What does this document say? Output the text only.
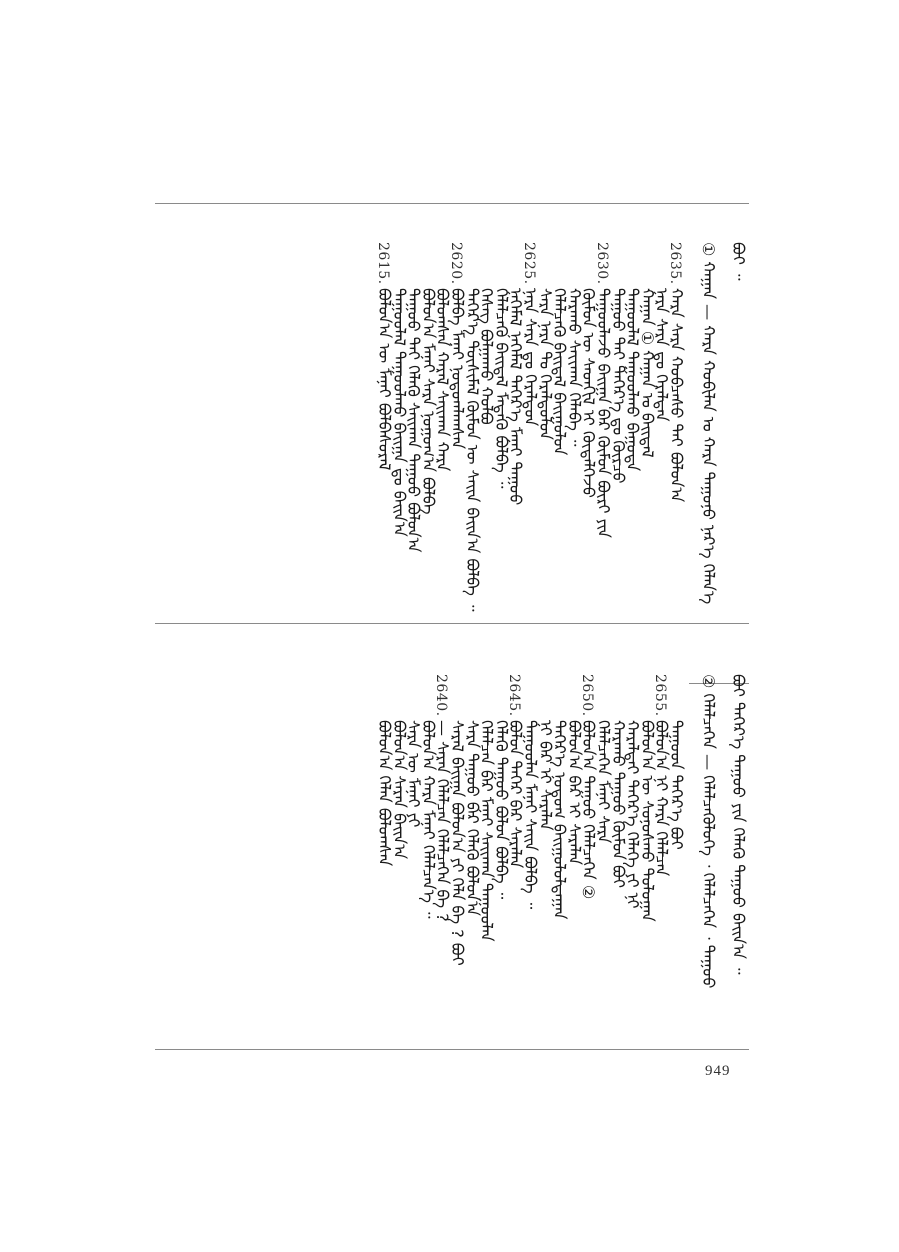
ᠪᠣᠢ ᠃
① ᠬᠠᠭᠠᠨ — ᠬᠠᠷᠠ ᠬᠣᠪᠢᠯᠠᠨ ᠤ ᠬᠠᠷᠠ ᠳᠠᠭᠤᠨᠤ ᠨᠡᠷ᠎ᠡ ᠬᠡᠯᠡᠨ᠎ᠡ
2635.ᠬᠠᠷᠠ ᠰᠠᠷᠠ ᠬᠤᠪᠴᠠᠰᠤ ᠲᠠᠢ ᠪᠣᠯᠤᠨ᠎ᠠ
ᠨᠠᠷᠠ ᠰᠠᠷᠠ ᠳᠤ ᠭᠡᠷᠡᠯᠲᠡᠨ
ᠬᠠᠭᠠᠨ ① ᠬᠠᠭᠠᠨ ᠤ ᠪᠠᠢᠳᠠᠯ
ᠳᠠᠭᠤᠤᠯᠠᠯ ᠳᠠᠭᠤᠤᠯᠬᠤ ᠪᠠᠭᠤᠳᠠ
ᠳᠠᠭᠤᠤ ᠲᠠᠢ ᠳᠡᠭᠡᠷ᠎ᠡ ᠳᠤ ᠬᠦᠷᠴᠦ
2630.ᠳᠠᠭᠤᠤᠯᠠᠵᠤ ᠪᠠᠢᠭᠠ ᠪᠠᠷ ᠬᠦᠮᠦᠨ ᠪᠦᠷᠢ ᠶᠢᠨ
ᠬᠦᠮᠦᠨ ᠦ ᠰᠡᠳᠬᠢᠯ ᠢ ᠬᠥᠳᠡᠯᠭᠡᠵᠦ
ᠬᠠᠷᠠᠬᠤ ᠰᠠᠶ᠋ᠢᠬᠠᠨ ᠬᠡᠯᠡᠪᠡ ᠃
ᠬᠡᠯᠡᠯᠴᠡᠬᠦ ᠪᠠᠢᠳᠠᠯ ᠪᠠᠢᠭᠤᠯᠤᠨ
ᠰᠠᠷᠠ ᠨᠠᠷᠠ ᠲᠤ ᠭᠡᠷᠡᠯᠲᠦᠯᠦᠨ
2625.ᠨᠠᠷᠠ ᠰᠠᠷᠠ ᠳᠤ ᠭᠡᠷᠡᠯᠲᠦᠨ
ᠨᠡᠬᠡᠮᠡᠯ ᠨᠡᠬᠡᠮᠡᠯ ᠳᠡᠭᠡᠷ᠎ᠡ ᠮᠠᠨᠠᠢ ᠳᠠᠭᠤᠤ
ᠬᠡᠯᠡᠯᠴᠡᠬᠦ ᠪᠠᠢᠳᠠᠯ ᠮᠡᠳᠡᠬᠦ ᠪᠣᠯᠪᠠ ᠃
ᠬᠡᠰᠡᠭ ᠪᠣᠯᠭᠠᠬᠤ ᠬᠣᠯᠪᠤ
ᠳᠡᠭᠡᠷ᠎ᠡ ᠲᠦᠰᠢᠮᠡᠯ ᠬᠦᠮᠦᠨ ᠦ ᠰᠠᠢᠨ ᠪᠠᠢᠨ᠎ᠠ ᠪᠣᠯᠪᠠ ᠃
2620.ᠪᠣᠯᠪᠠ ᠮᠠᠨᠠᠢ ᠨᠤᠲᠤᠭᠯᠠᠭᠰᠠᠨ
ᠪᠣᠯᠤᠭᠰᠠᠨ ᠬᠠᠷᠠᠯ ᠰᠠᠢᠬᠠᠨ ᠬᠠᠷᠠ
ᠪᠣᠯᠤᠨ᠎ᠠ ᠮᠠᠨᠠᠢ ᠰᠠᠷᠠ ᠨᠤᠭᠤᠭ᠎ᠠ ᠪᠣᠯᠪᠠ
ᠳᠠᠭᠤᠤ ᠲᠠᠢ ᠬᠡᠯᠡᠬᠦ ᠰᠠᠢᠬᠠᠨ ᠳᠠᠭᠤᠤ ᠪᠣᠯᠤᠨ᠎ᠠ
ᠳᠠᠭᠤᠤᠯᠠᠯ ᠳᠠᠭᠤᠤᠯᠬᠤ ᠪᠠᠢᠭᠠ ᠳᠤ ᠪᠠᠢᠨ᠎ᠠ
2615.ᠪᠣᠯᠤᠨ᠎ᠠ ᠦ ᠮᠠᠨᠠᠢ ᠪᠣᠯᠪᠠᠰᠤᠷᠠᠯ
ᠪᠣᠢ ᠳᠡᠭᠡᠷ᠎ᠡ ᠳᠠᠭᠤᠤ ᠶᠢᠨ ᠬᠡᠯᠡᠬᠦ ᠳᠠᠭᠤᠤ ᠪᠠᠢᠨ᠎ᠠ ᠃
② ᠬᠡᠯᠡᠯᠴᠡᠭᠡᠨ — ᠬᠡᠯᠡᠯᠴᠡᠭᠦᠯᠦᠭᠡ ᠂ ᠬᠡᠯᠡᠯᠴᠡᠭᠡᠨ ᠂ ᠳᠠᠭᠤᠤ
ᠳᠠᠭᠤᠤᠨ ᠳᠡᠭᠡᠷ᠎ᠡ ᠪᠣᠢ
2655.ᠪᠣᠯᠤᠨ᠎ᠠ ᠨᠢ ᠬᠠᠷᠠ ᠬᠡᠯᠡᠯᠴᠡᠨ
ᠪᠣᠯᠤᠨ᠎ᠠ ᠦ ᠰᠣᠨᠣᠰᠬᠤ ᠳᠣᠯᠤᠭᠠᠨ
ᠬᠠᠷᠠᠯᠲᠠᠢ ᠳᠡᠭᠡᠷ᠎ᠡ ᠬᠡᠯᠡᠭᠡ ᠶᠢ ᠨᠢ
ᠬᠠᠷᠠᠬᠤ ᠳᠠᠭᠤᠤ ᠬᠦᠮᠦᠨ ᠪᠣᠢ
ᠬᠡᠯᠡᠯᠴᠡᠭᠡᠨ ᠮᠠᠨᠠᠢ ᠰᠠᠷᠠ
2650.ᠪᠣᠯᠤᠨ᠎ᠠ ᠳᠠᠭᠤᠤ ᠬᠡᠯᠡᠯᠴᠡᠭᠡᠨ ②
ᠪᠣᠯᠤᠨ᠎ᠠ ᠪᠠᠷ ᠢ ᠰᠠᠷᠠᠯᠠᠨ
ᠳᠡᠭᠡᠷ᠎ᠡ ᠨᠤᠲᠤᠭ ᠪᠠᠢᠭᠤᠯᠤᠯᠳᠠᠭᠠᠨ
ᠨᠢ ᠪᠠᠷ ᠢ ᠰᠠᠷᠠᠯᠠᠨ
ᠳᠠᠭᠤᠤᠯᠠᠨ ᠮᠠᠨᠠᠢ ᠰᠠᠢᠨ ᠪᠣᠯᠪᠠ ᠃
2645.ᠪᠣᠯᠤᠨ ᠲᠡᠭᠡᠷ ᠪᠠᠷ ᠰᠠᠷᠠᠯᠠᠨ
ᠬᠡᠯᠡᠬᠦ ᠳᠠᠭᠤᠤ ᠪᠣᠯᠤᠨ ᠪᠣᠯᠪᠠ ᠃
ᠬᠡᠯᠡᠯᠴᠡᠨ ᠪᠠᠷ ᠮᠠᠨᠠᠢ ᠰᠠᠢᠬᠠᠨ ᠳᠠᠭᠤᠤᠯᠠᠨ
ᠰᠠᠷᠠ ᠳᠠᠭᠤᠤ ᠪᠠᠷ ᠬᠡᠯᠡᠬᠦ ᠪᠣᠯᠤᠨ᠎ᠠ
ᠰᠠᠷᠠᠯ ᠪᠠᠢᠭᠠ ᠪᠣᠯᠤᠨ᠎ᠠ ᠶᠢ ᠬᠡᠯᠡ ᠪᠠ ? ᠪᠣᠢ
2640.— ᠰᠠᠷᠠᠨ ᠬᠡᠯᠡᠯᠴᠡᠨ ᠬᠡᠯᠡᠯᠴᠡᠭᠡᠨ ᠪᠠ ?
ᠪᠣᠯᠤᠨ᠎ᠠ ᠬᠠᠷᠠ ᠮᠠᠨᠠᠢ ᠬᠡᠯᠡᠯᠴᠡᠨ᠎ᠡ ᠃
ᠰᠠᠷᠠ ᠦ ᠮᠠᠨᠠᠢ ᠶᠢ
ᠪᠣᠯᠤᠨ᠎ᠠ ᠰᠠᠷᠠᠨ ᠪᠠᠢᠨ᠎ᠠ
ᠪᠣᠯᠤᠨ᠎ᠠ ᠬᠡᠯᠡᠨ ᠪᠣᠯᠤᠭᠰᠠᠨ
949
